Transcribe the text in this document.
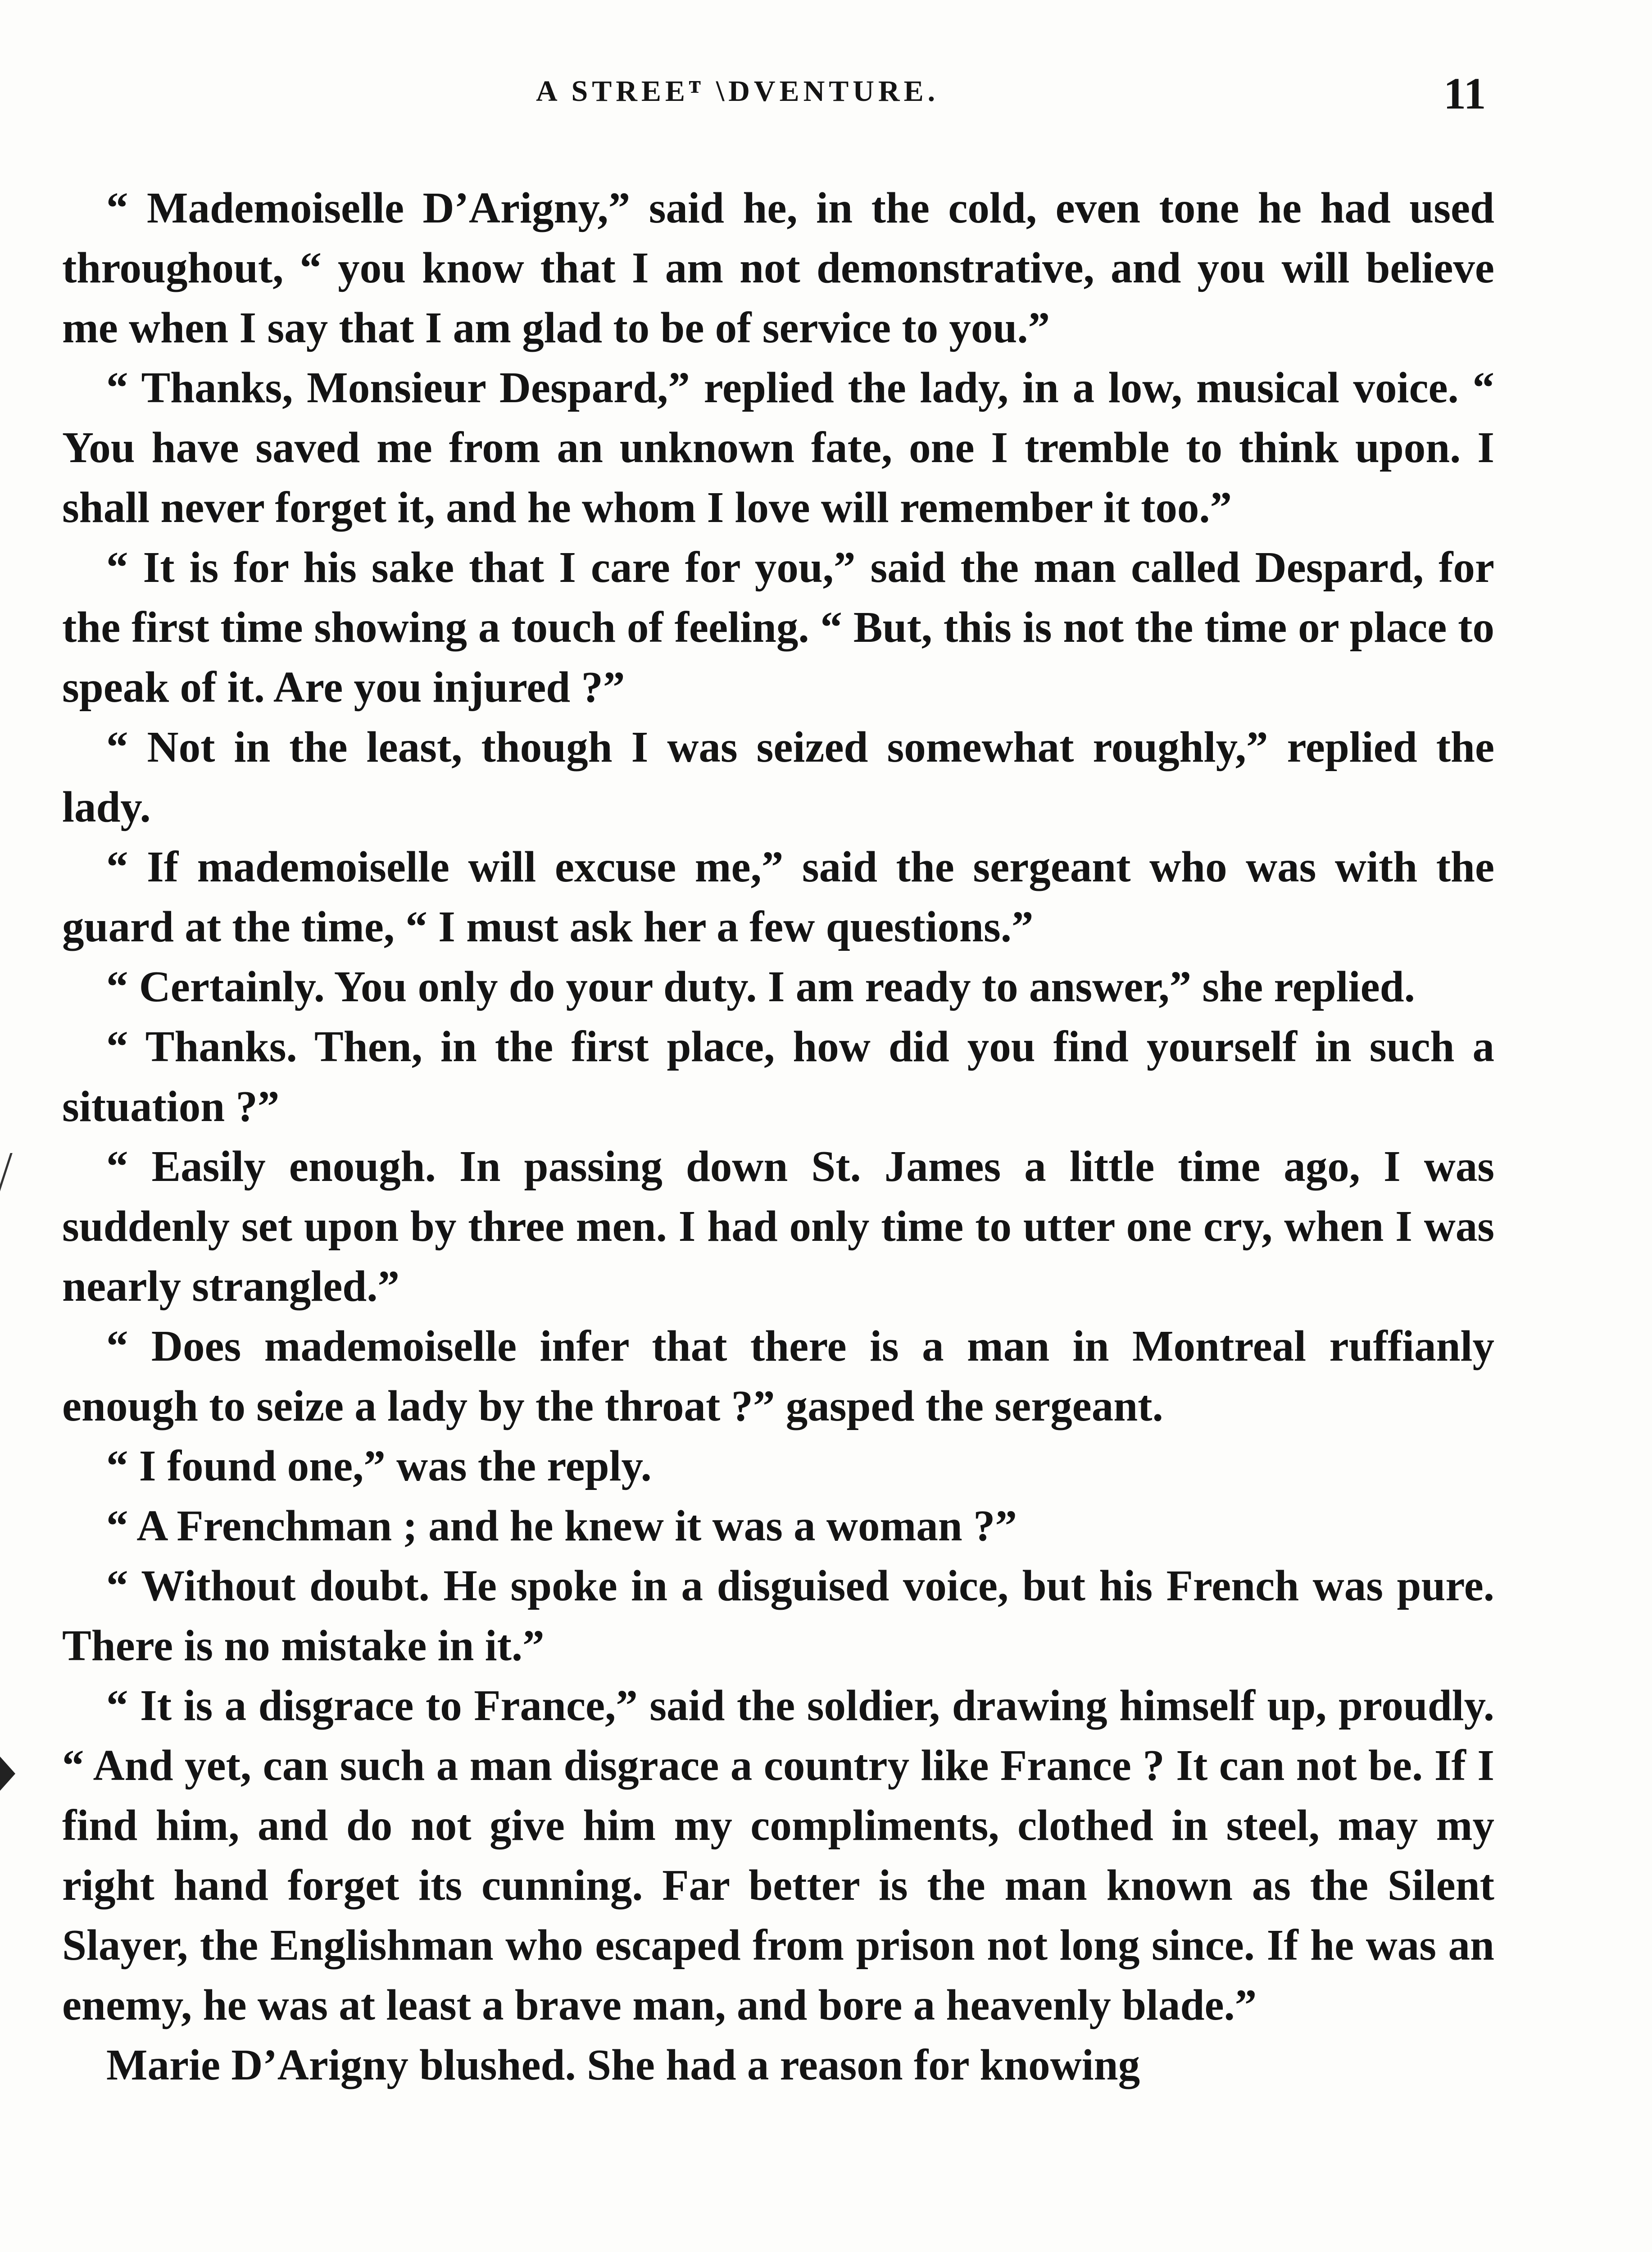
A STREEᵀ \DVENTURE.	11

“ Mademoiselle D’Arigny,” said he, in the cold, even tone he had used throughout, “ you know that I am not demonstrative, and you will believe me when I say that I am glad to be of service to you.”

“ Thanks, Monsieur Despard,” replied the lady, in a low, musical voice. “ You have saved me from an unknown fate, one I tremble to think upon. I shall never forget it, and he whom I love will remember it too.”

“ It is for his sake that I care for you,” said the man called Despard, for the first time showing a touch of feeling. “ But, this is not the time or place to speak of it. Are you injured ?”

“ Not in the least, though I was seized somewhat roughly,” replied the lady.

“ If mademoiselle will excuse me,” said the sergeant who was with the guard at the time, “ I must ask her a few questions.”

“ Certainly. You only do your duty. I am ready to answer,” she replied.

“ Thanks. Then, in the first place, how did you find yourself in such a situation ?”

“ Easily enough. In passing down St. James a little time ago, I was suddenly set upon by three men. I had only time to utter one cry, when I was nearly strangled.”

“ Does mademoiselle infer that there is a man in Montreal ruffianly enough to seize a lady by the throat ?” gasped the sergeant.

“ I found one,” was the reply.

“ A Frenchman ; and he knew it was a woman ?”

“ Without doubt. He spoke in a disguised voice, but his French was pure. There is no mistake in it.”

“ It is a disgrace to France,” said the soldier, drawing himself up, proudly. “ And yet, can such a man disgrace a country like France ? It can not be. If I find him, and do not give him my compliments, clothed in steel, may my right hand forget its cunning. Far better is the man known as the Silent Slayer, the Englishman who escaped from prison not long since. If he was an enemy, he was at least a brave man, and bore a heavenly blade.”

Marie D’Arigny blushed. She had a reason for knowing
